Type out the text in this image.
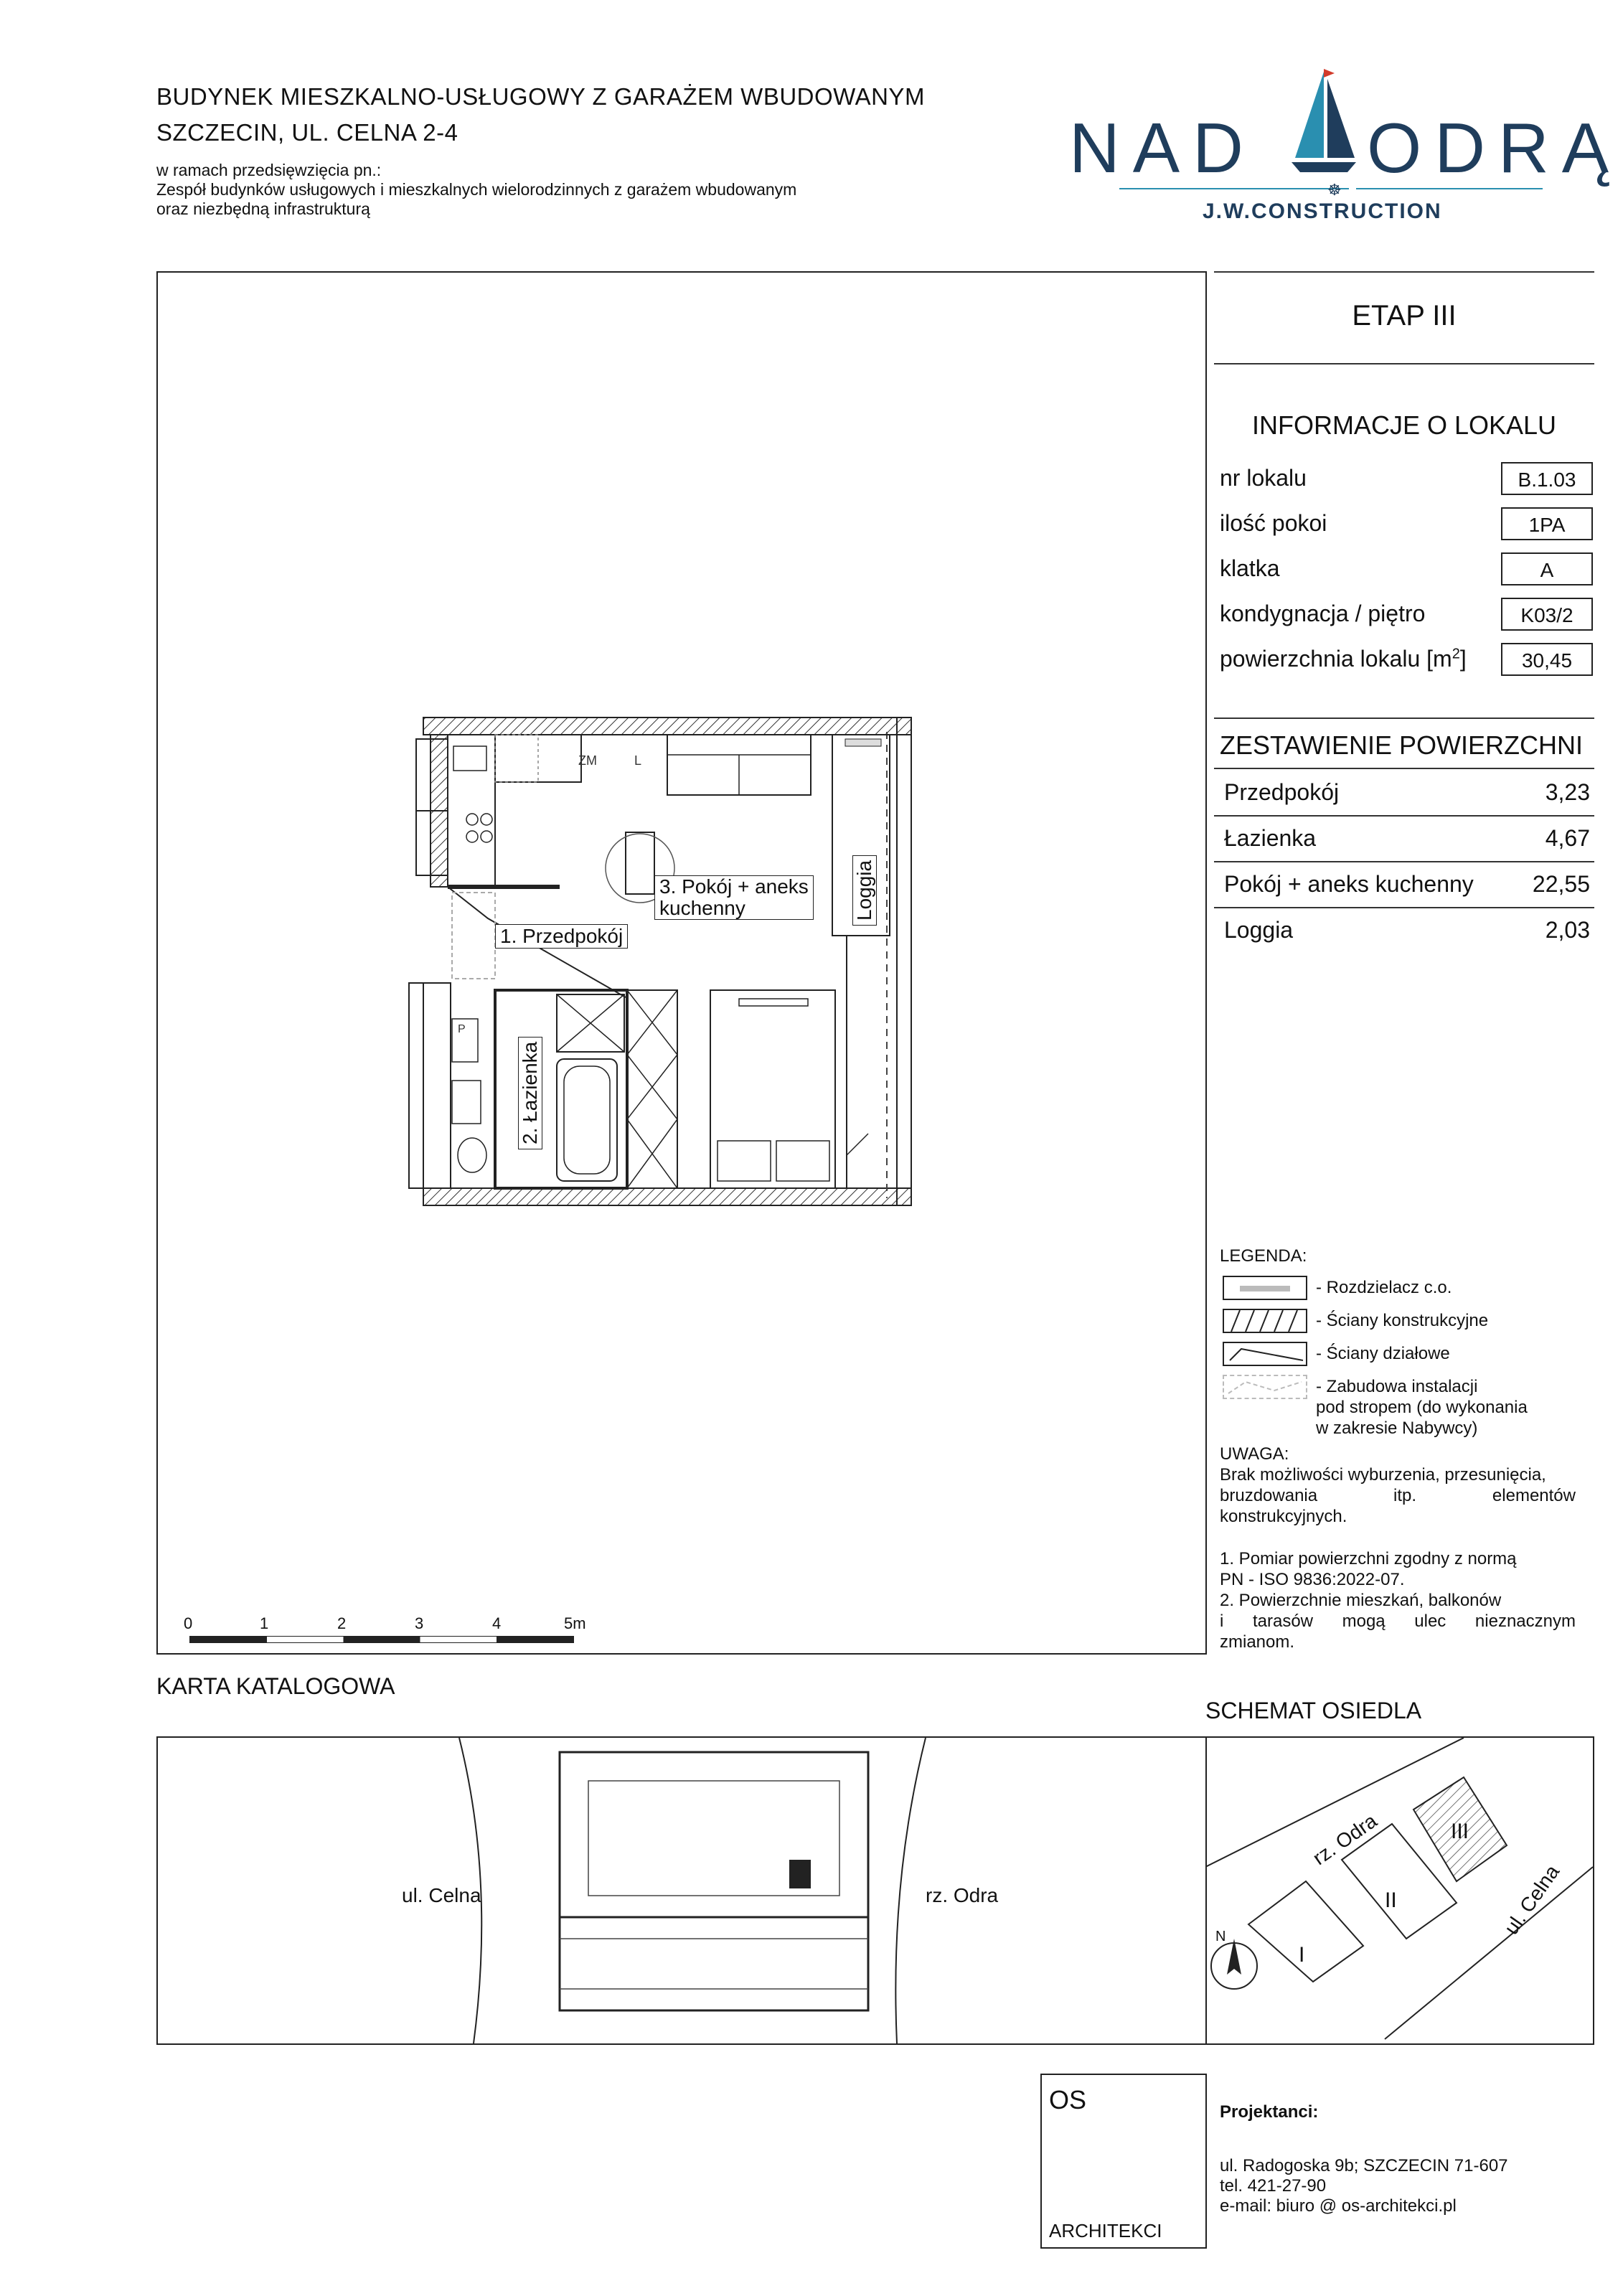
BUDYNEK MIESZKALNO-USŁUGOWY Z GARAŻEM WBUDOWANYM
SZCZECIN, UL. CELNA 2-4
w ramach przedsięwzięcia pn.:
Zespół budynków usługowych i mieszkalnych wielorodzinnych z garażem wbudowanym
oraz niezbędną infrastrukturą
NAD ODRĄ
☸
J.W.CONSTRUCTION
ETAP III
INFORMACJE O LOKALU
nr lokalu	B.1.03
ilość pokoi	1PA
klatka	A
kondygnacja / piętro	K03/2
powierzchnia lokalu $[m^2]$	30,45
ZESTAWIENIE POWIERZCHNI
Przedpokój	3,23
Łazienka	4,67
Pokój + aneks kuchenny	22,55
Loggia	2,03
LEGENDA:
- Rozdzielacz c.o.
- Ściany konstrukcyjne
- Ściany działowe
- Zabudowa instalacji
pod stropem (do wykonania
w zakresie Nabywcy)
UWAGA:
Brak możliwości wyburzenia, przesunięcia,
bruzdowania itp. elementów
konstrukcyjnych.
1. Pomiar powierzchni zgodny z normą
PN - ISO 9836:2022-07.
2. Powierzchnie mieszkań, balkonów
i tarasów mogą ulec nieznacznym
zmianom.
ZM	L
P
1. Przedpokój
3. Pokój + aneks
kuchenny	Loggia
2. Łazienka
0	1	2	3	4	5m
KARTA KATALOGOWA
SCHEMAT OSIEDLA
ul. Celna	rz. Odra
rz. Odra
ul. Celna
I
II
III
N
OS
ARCHITEKCI
Projektanci:
ul. Radogoska 9b; SZCZECIN 71-607
tel. 421-27-90
e-mail: biuro @ os-architekci.pl
